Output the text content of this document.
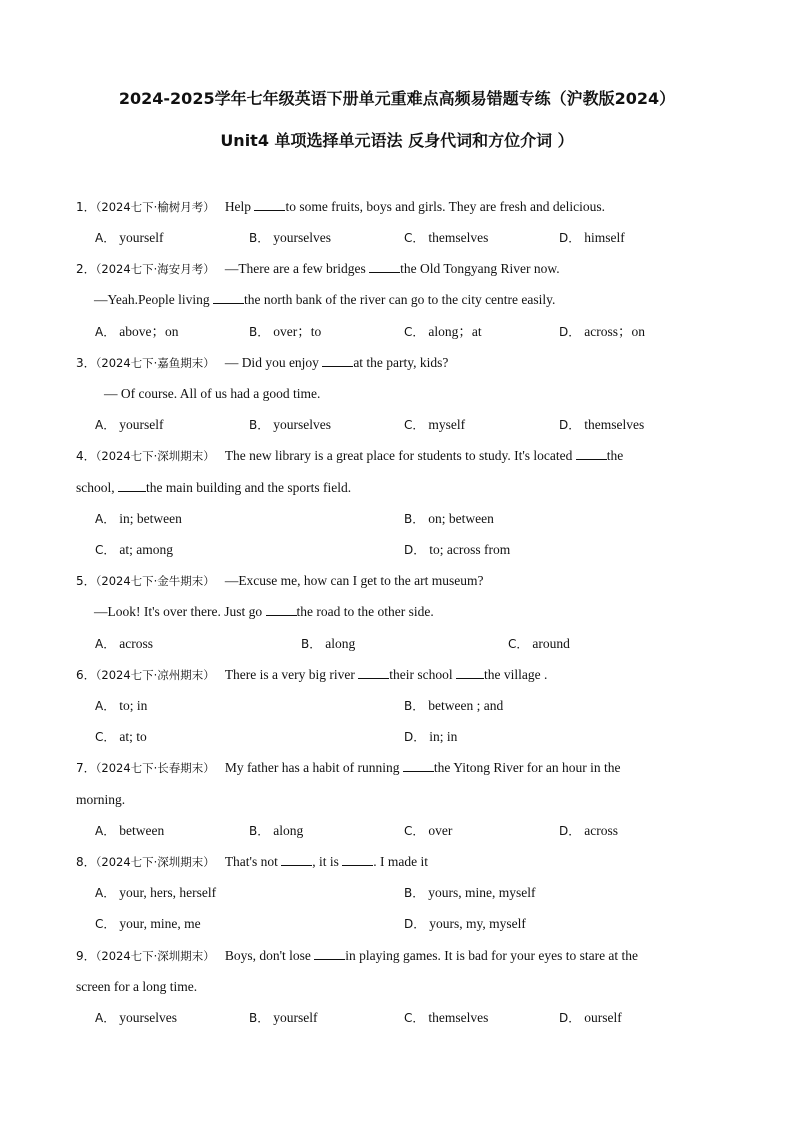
2024-2025学年七年级英语下册单元重难点高频易错题专练（沪教版2024）
Unit4 单项选择单元语法 反身代词和方位介词 ）
1．（2024七下·榆树月考） Help to some fruits, boys and girls. They are fresh and delicious.
A． yourself	B． yourselves	C． themselves	D． himself
2．（2024七下·海安月考） —There are a few bridges the Old Tongyang River now.
—Yeah.People living the north bank of the river can go to the city centre easily.
A． above；on	B． over；to	C． along；at	D． across；on
3．（2024七下·嘉鱼期末） — Did you enjoy at the party, kids?
— Of course. All of us had a good time.
A． yourself	B． yourselves	C． myself	D． themselves
4．（2024七下·深圳期末） The new library is a great place for students to study. It's located the
school, the main building and the sports field.
A． in; between	B． on; between
C． at; among	D． to; across from
5．（2024七下·金牛期末） —Excuse me, how can I get to the art museum?
—Look! It's over there. Just go the road to the other side.
A． across	B． along	C． around
6．（2024七下·凉州期末） There is a very big river their school the village .
A． to; in	B． between ; and
C． at; to	D． in; in
7．（2024七下·长春期末） My father has a habit of running the Yitong River for an hour in the
morning.
A． between	B． along	C． over	D． across
8．（2024七下·深圳期末） That's not , it is . I made it
A． your, hers, herself	B． yours, mine, myself
C． your, mine, me	D． yours, my, myself
9．（2024七下·深圳期末） Boys, don't lose in playing games. It is bad for your eyes to stare at the
screen for a long time.
A． yourselves	B． yourself	C． themselves	D． ourself
